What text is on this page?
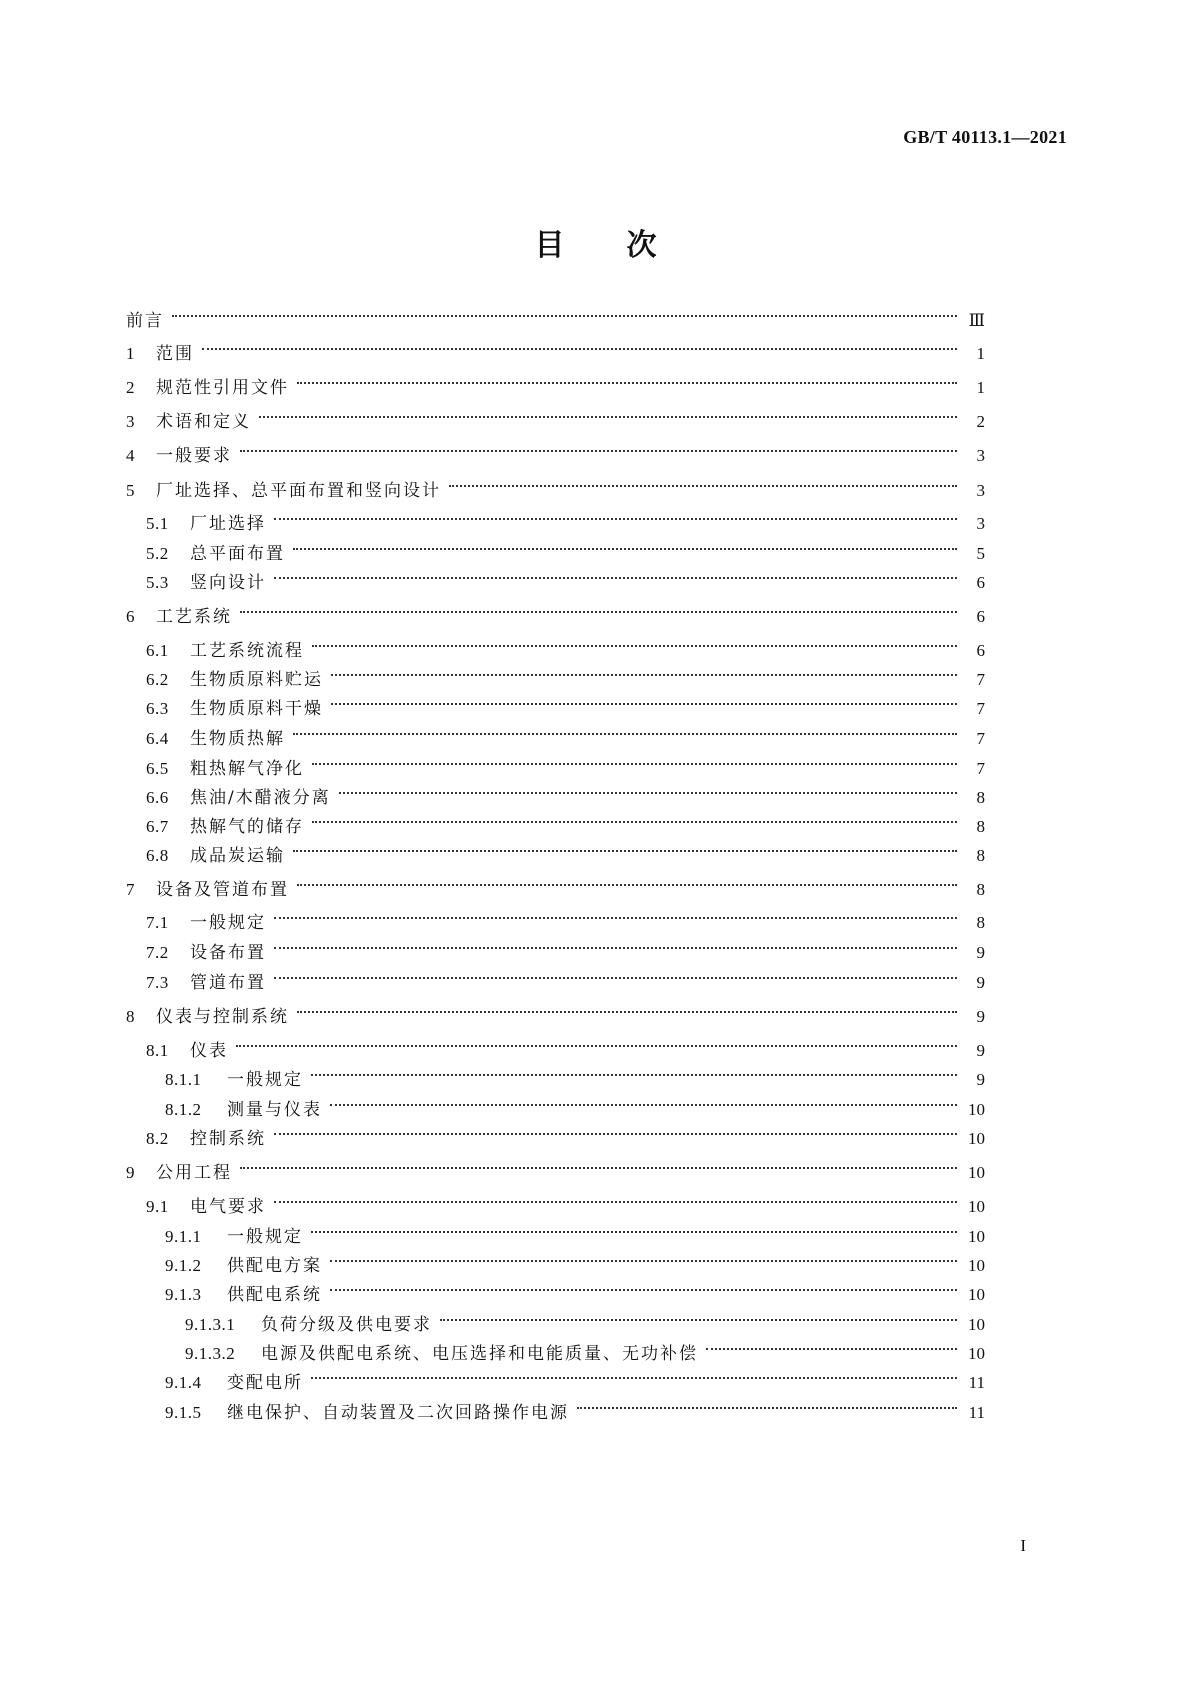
GB/T 40113.1—2021
目次
前言	Ⅲ
1	范围	1
2	规范性引用文件	1
3	术语和定义	2
4	一般要求	3
5	厂址选择、总平面布置和竖向设计	3
5.1	厂址选择	3
5.2	总平面布置	5
5.3	竖向设计	6
6	工艺系统	6
6.1	工艺系统流程	6
6.2	生物质原料贮运	7
6.3	生物质原料干燥	7
6.4	生物质热解	7
6.5	粗热解气净化	7
6.6	焦油/木醋液分离	8
6.7	热解气的储存	8
6.8	成品炭运输	8
7	设备及管道布置	8
7.1	一般规定	8
7.2	设备布置	9
7.3	管道布置	9
8	仪表与控制系统	9
8.1	仪表	9
8.1.1	一般规定	9
8.1.2	测量与仪表	10
8.2	控制系统	10
9	公用工程	10
9.1	电气要求	10
9.1.1	一般规定	10
9.1.2	供配电方案	10
9.1.3	供配电系统	10
9.1.3.1	负荷分级及供电要求	10
9.1.3.2	电源及供配电系统、电压选择和电能质量、无功补偿	10
9.1.4	变配电所	11
9.1.5	继电保护、自动装置及二次回路操作电源	11
I
